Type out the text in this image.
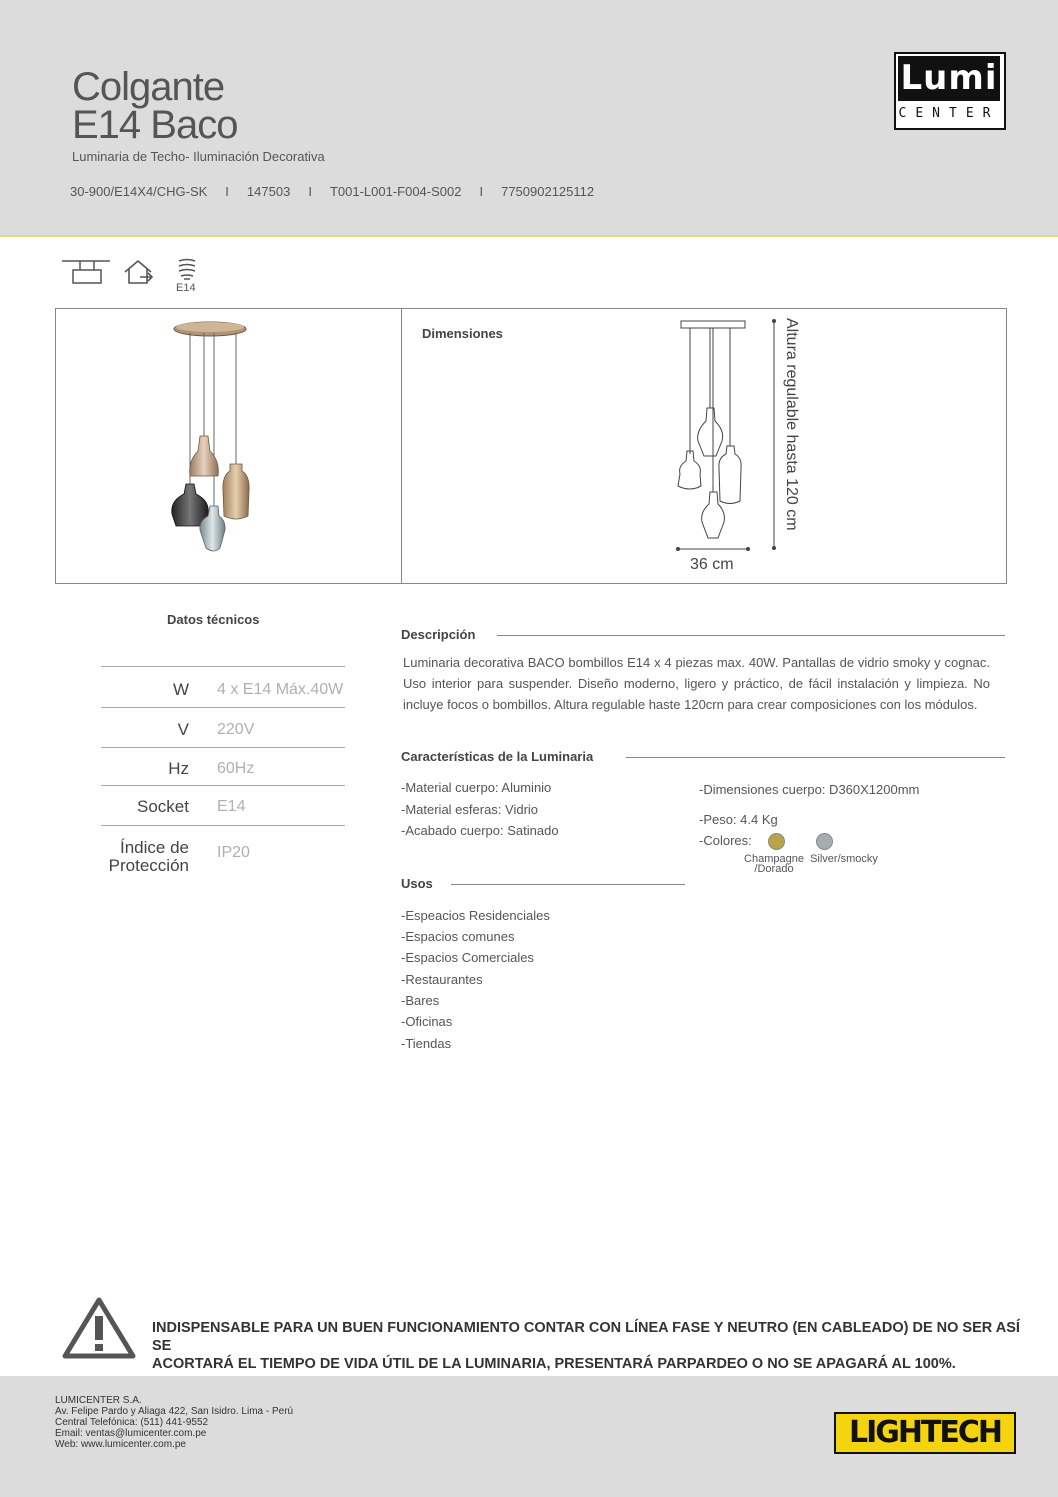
Colgante
E14 Baco
Luminaria de Techo- Iluminación Decorativa
30-900/E14X4/CHG-SK I 147503 I T001-L001-F004-S002 I 7750902125112
Lumi
CENTER
E14
Dimensiones
36 cm
Altura regulable hasta 120 cm
Datos técnicos
W 4 x E14 Máx.40W
V 220V
Hz 60Hz
Socket E14
Índice de Protección
IP20
Descripción
Luminaria decorativa BACO bombillos E14 x 4 piezas max. 40W. Pantallas de vidrio smoky y cognac. Uso interior para suspender. Diseño moderno, ligero y práctico, de fácil instalación y limpieza. No incluye focos o bombillos. Altura regulable haste 120crn para crear composiciones con los módulos.
Características de la Luminaria
-Material cuerpo: Aluminio
-Material esferas: Vidrio
-Acabado cuerpo: Satinado
-Dimensiones cuerpo: D360X1200mm
-Peso: 4.4 Kg
-Colores:
Champagne
/Dorado
Silver/smocky
Usos
-Espeacios Residenciales
-Espacios comunes
-Espacios Comerciales
-Restaurantes
-Bares
-Oficinas
-Tiendas
INDISPENSABLE PARA UN BUEN FUNCIONAMIENTO CONTAR CON LÍNEA FASE Y NEUTRO (EN CABLEADO) DE NO SER ASÍ SE
ACORTARÁ EL TIEMPO DE VIDA ÚTIL DE LA LUMINARIA, PRESENTARÁ PARPARDEO O NO SE APAGARÁ AL 100%.
LUMICENTER S.A.
Av. Felipe Pardo y Aliaga 422, San Isidro. Lima - Perú
Central Telefónica: (511) 441-9552
Email: ventas@lumicenter.com.pe
Web: www.lumicenter.com.pe	LIGHTECH
